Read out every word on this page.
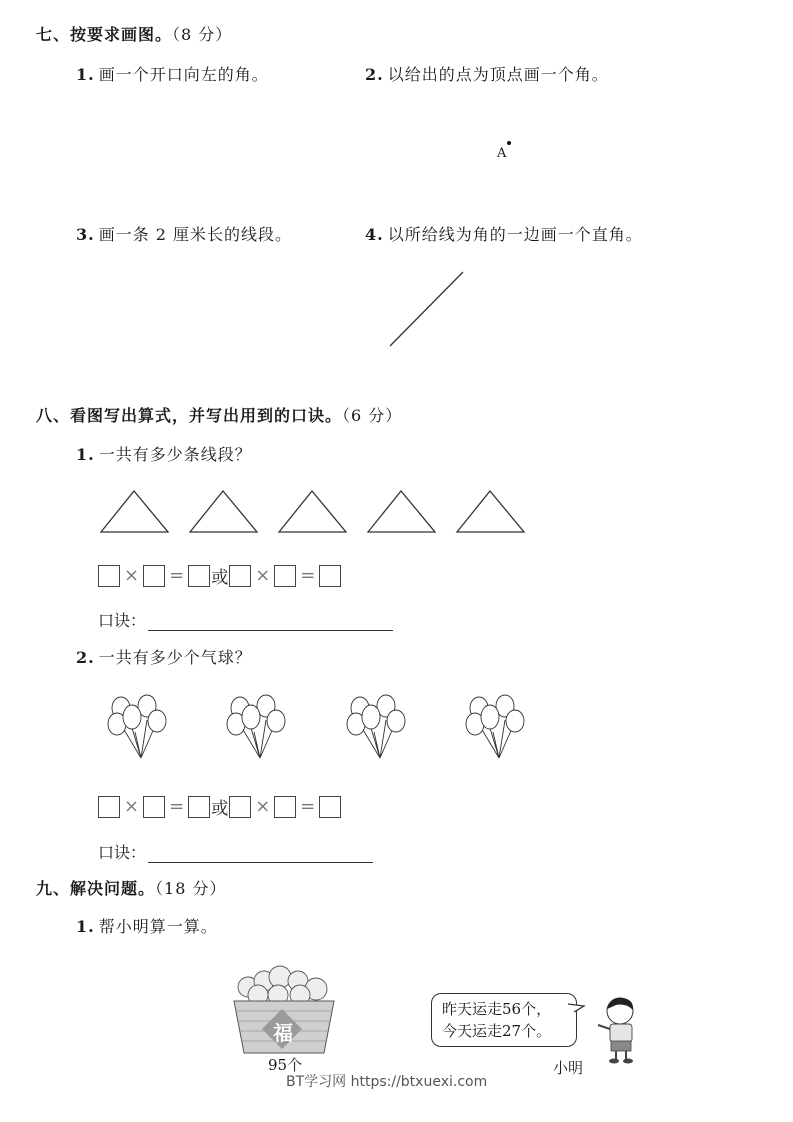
七、按要求画图。（8 分）
1. 画一个开口向左的角。	2. 以给出的点为顶点画一个角。
A
3. 画一条 2 厘米长的线段。	4. 以所给线为角的一边画一个直角。
八、看图写出算式，并写出用到的口诀。（6 分）
1. 一共有多少条线段？
× = 或 × =
口诀：
2. 一共有多少个气球？
× = 或 × =
口诀：
九、解决问题。（18 分）
1. 帮小明算一算。
福
95个
昨天运走56个，
今天运走27个。
小明
BT学习网 https://btxuexi.com
